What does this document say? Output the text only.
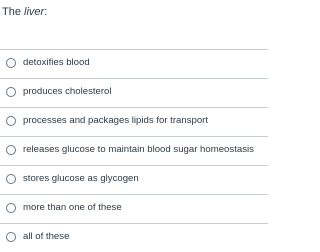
The liver:
detoxifies blood
produces cholesterol
processes and packages lipids for transport
releases glucose to maintain blood sugar homeostasis
stores glucose as glycogen
more than one of these
all of these
